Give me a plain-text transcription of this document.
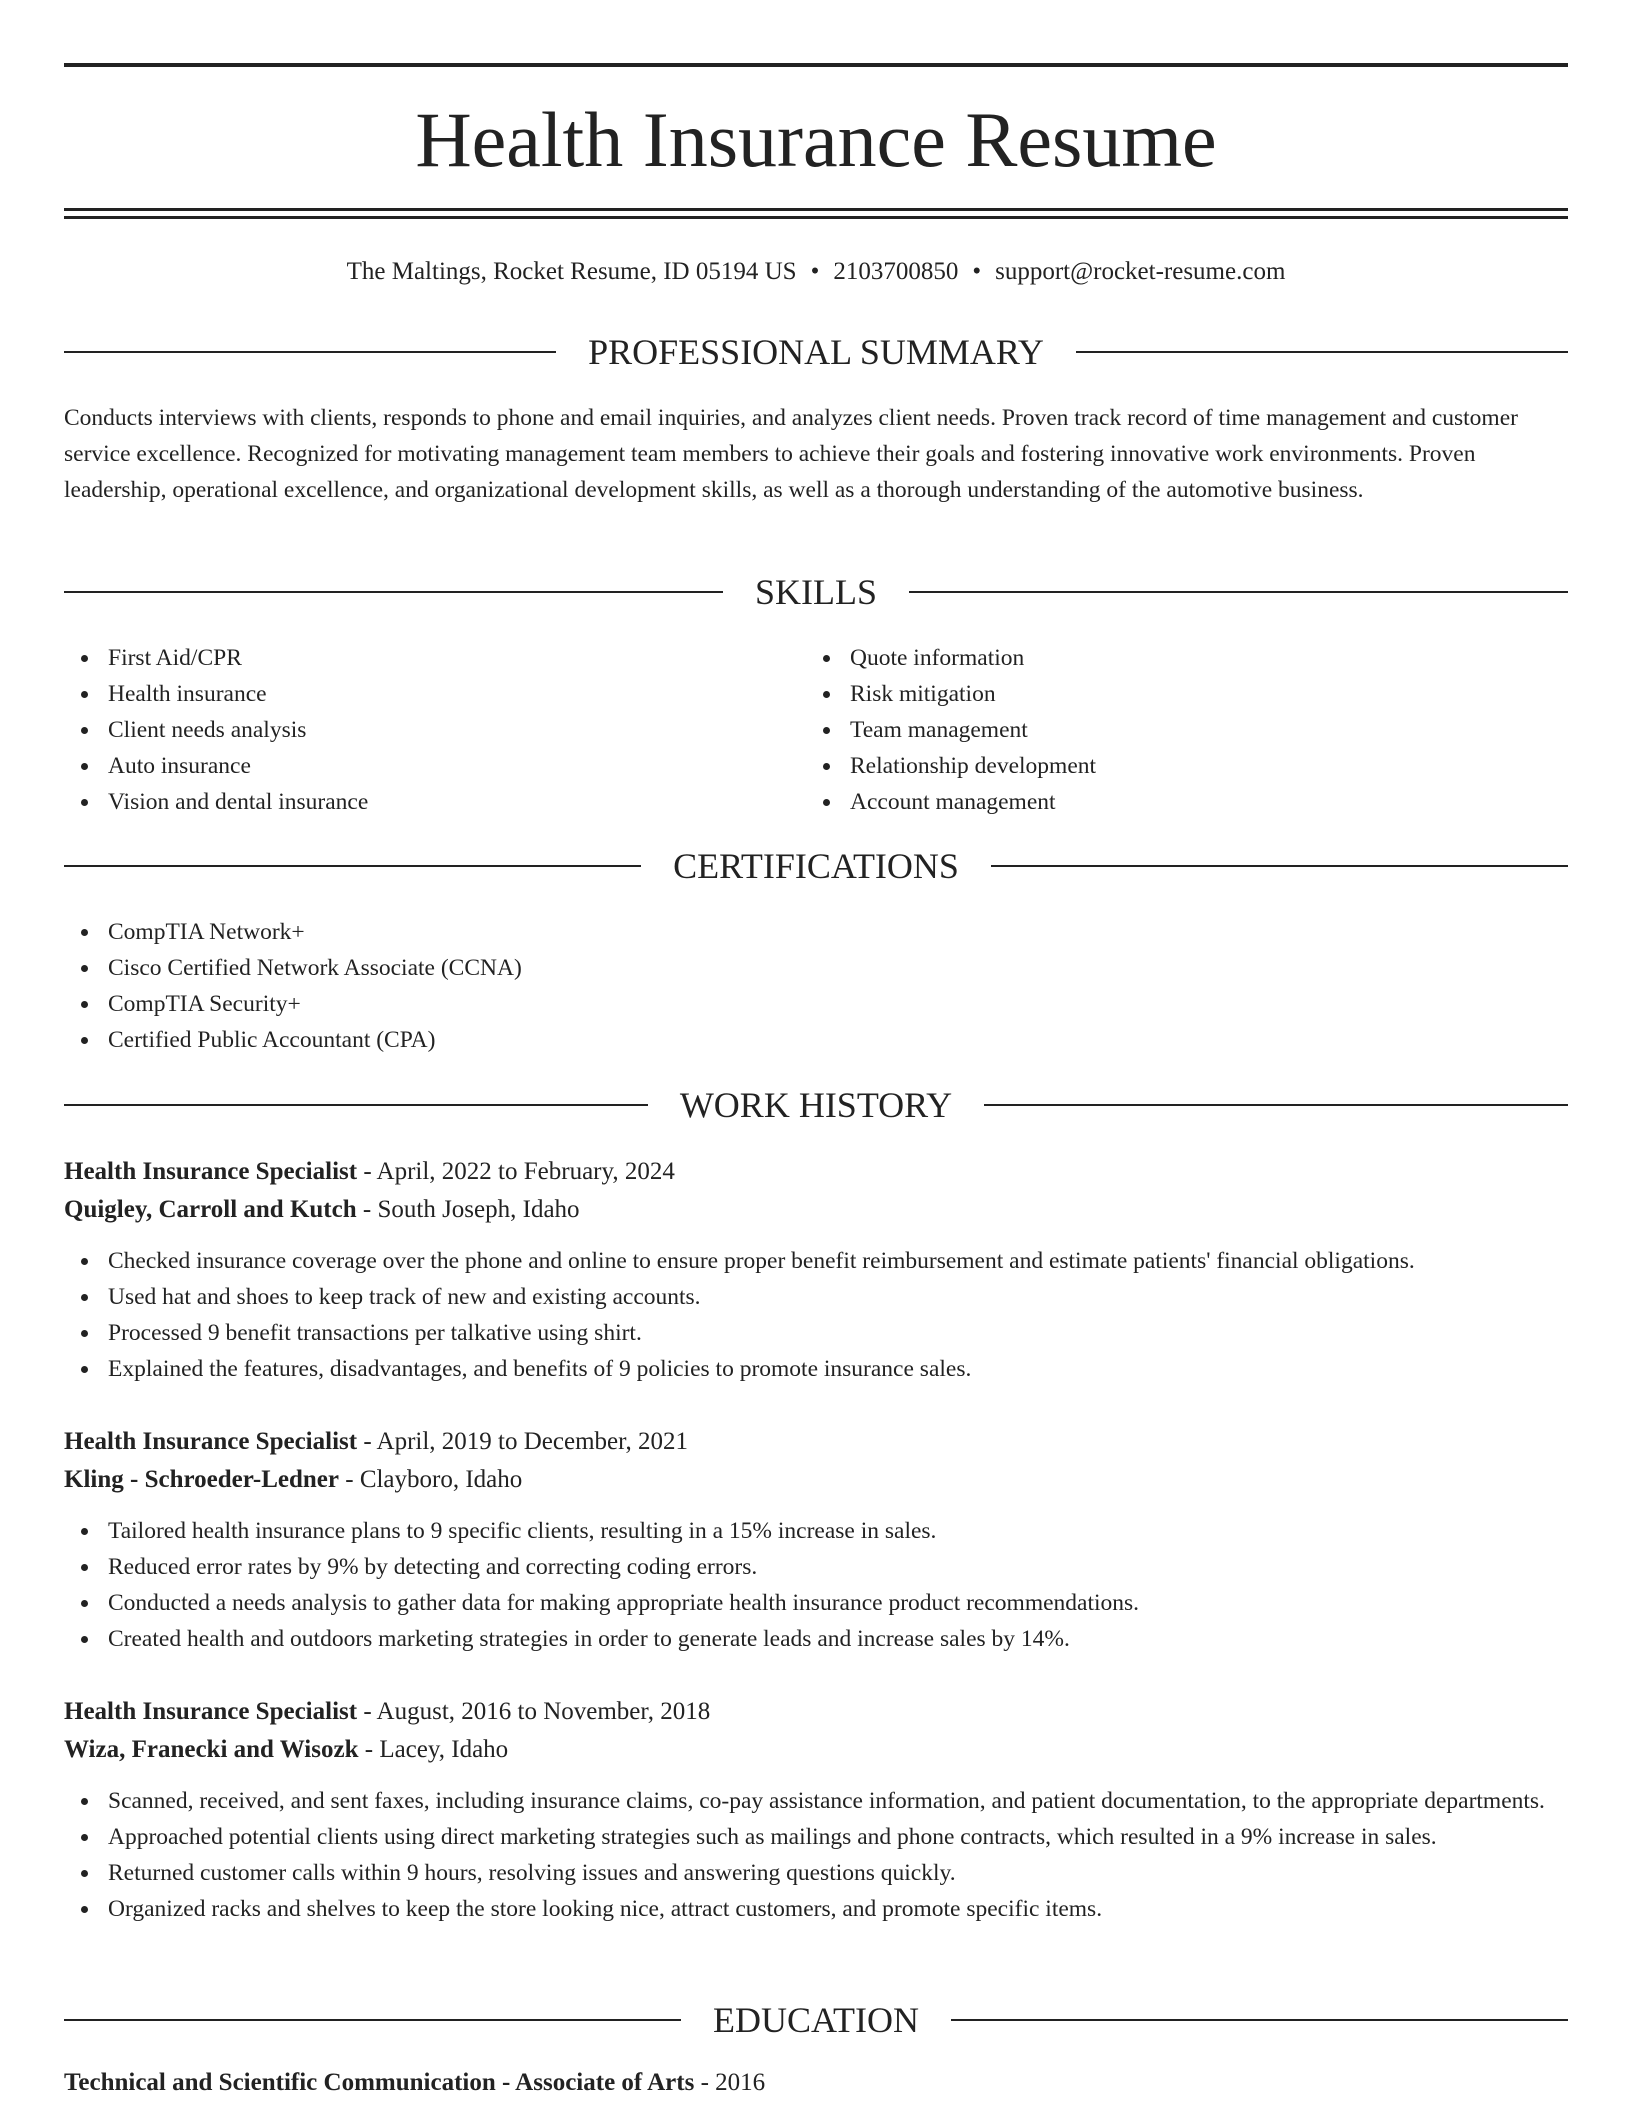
Health Insurance Resume
The Maltings, Rocket Resume, ID 05194 US • 2103700850 • support@rocket-resume.com
PROFESSIONAL SUMMARY

Conducts interviews with clients, responds to phone and email inquiries, and analyzes client needs. Proven track record of time management and customer service excellence. Recognized for motivating management team members to achieve their goals and fostering innovative work environments. Proven leadership, operational excellence, and organizational development skills, as well as a thorough understanding of the automotive business.

SKILLS
First Aid/CPR
Health insurance
Client needs analysis
Auto insurance
Vision and dental insurance
Quote information
Risk mitigation
Team management
Relationship development
Account management
CERTIFICATIONS
CompTIA Network+
Cisco Certified Network Associate (CCNA)
CompTIA Security+
Certified Public Accountant (CPA)
WORK HISTORY
Health Insurance Specialist - April, 2022 to February, 2024
Quigley, Carroll and Kutch - South Joseph, Idaho
Checked insurance coverage over the phone and online to ensure proper benefit reimbursement and estimate patients' financial obligations.
Used hat and shoes to keep track of new and existing accounts.
Processed 9 benefit transactions per talkative using shirt.
Explained the features, disadvantages, and benefits of 9 policies to promote insurance sales.
Health Insurance Specialist - April, 2019 to December, 2021
Kling - Schroeder-Ledner - Clayboro, Idaho
Tailored health insurance plans to 9 specific clients, resulting in a 15% increase in sales.
Reduced error rates by 9% by detecting and correcting coding errors.
Conducted a needs analysis to gather data for making appropriate health insurance product recommendations.
Created health and outdoors marketing strategies in order to generate leads and increase sales by 14%.
Health Insurance Specialist - August, 2016 to November, 2018
Wiza, Franecki and Wisozk - Lacey, Idaho
Scanned, received, and sent faxes, including insurance claims, co-pay assistance information, and patient documentation, to the appropriate departments.
Approached potential clients using direct marketing strategies such as mailings and phone contracts, which resulted in a 9% increase in sales.
Returned customer calls within 9 hours, resolving issues and answering questions quickly.
Organized racks and shelves to keep the store looking nice, attract customers, and promote specific items.
EDUCATION
Technical and Scientific Communication - Associate of Arts - 2016
